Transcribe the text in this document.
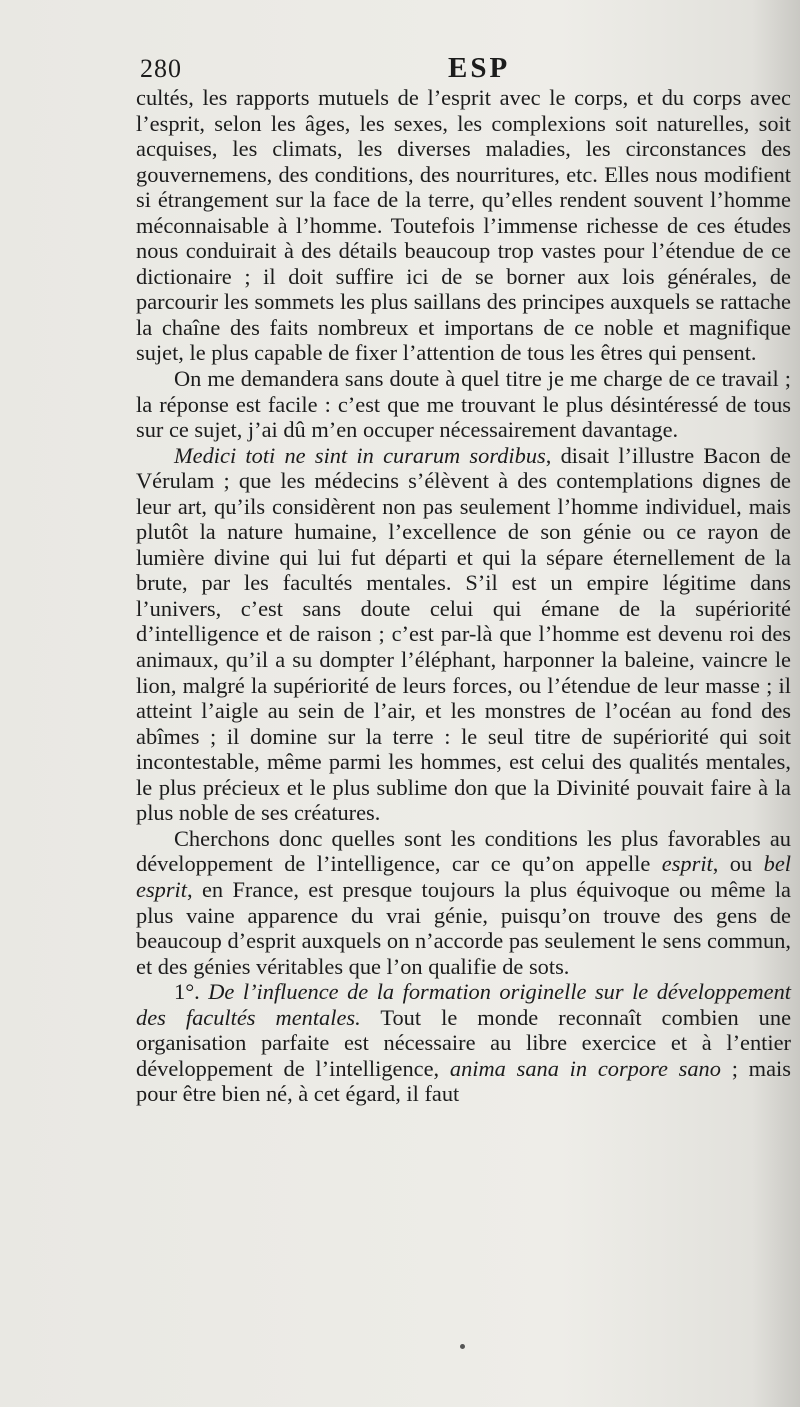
280	ESP

cultés, les rapports mutuels de l’esprit avec le corps, et du corps avec l’esprit, selon les âges, les sexes, les complexions soit naturelles, soit acquises, les climats, les diverses maladies, les circonstances des gouvernemens, des conditions, des nourritures, etc. Elles nous modifient si étrangement sur la face de la terre, qu’elles rendent souvent l’homme méconnaisable à l’homme. Toutefois l’immense richesse de ces études nous conduirait à des détails beaucoup trop vastes pour l’étendue de ce dictionaire ; il doit suffire ici de se borner aux lois générales, de parcourir les sommets les plus saillans des principes auxquels se rattache la chaîne des faits nombreux et importans de ce noble et magnifique sujet, le plus capable de fixer l’attention de tous les êtres qui pensent.

On me demandera sans doute à quel titre je me charge de ce travail ; la réponse est facile : c’est que me trouvant le plus désintéressé de tous sur ce sujet, j’ai dû m’en occuper nécessairement davantage.

Medici toti ne sint in curarum sordibus, disait l’illustre Bacon de Vérulam ; que les médecins s’élèvent à des contemplations dignes de leur art, qu’ils considèrent non pas seulement l’homme individuel, mais plutôt la nature humaine, l’excellence de son génie ou ce rayon de lumière divine qui lui fut départi et qui la sépare éternellement de la brute, par les facultés mentales. S’il est un empire légitime dans l’univers, c’est sans doute celui qui émane de la supériorité d’intelligence et de raison ; c’est par-là que l’homme est devenu roi des animaux, qu’il a su dompter l’éléphant, harponner la baleine, vaincre le lion, malgré la supériorité de leurs forces, ou l’étendue de leur masse ; il atteint l’aigle au sein de l’air, et les monstres de l’océan au fond des abîmes ; il domine sur la terre : le seul titre de supériorité qui soit incontestable, même parmi les hommes, est celui des qualités mentales, le plus précieux et le plus sublime don que la Divinité pouvait faire à la plus noble de ses créatures.

Cherchons donc quelles sont les conditions les plus favorables au développement de l’intelligence, car ce qu’on appelle esprit, ou bel esprit, en France, est presque toujours la plus équivoque ou même la plus vaine apparence du vrai génie, puisqu’on trouve des gens de beaucoup d’esprit auxquels on n’accorde pas seulement le sens commun, et des génies véritables que l’on qualifie de sots.

1°. De l’influence de la formation originelle sur le développement des facultés mentales. Tout le monde reconnaît combien une organisation parfaite est nécessaire au libre exercice et à l’entier développement de l’intelligence, anima sana in corpore sano ; mais pour être bien né, à cet égard, il faut
